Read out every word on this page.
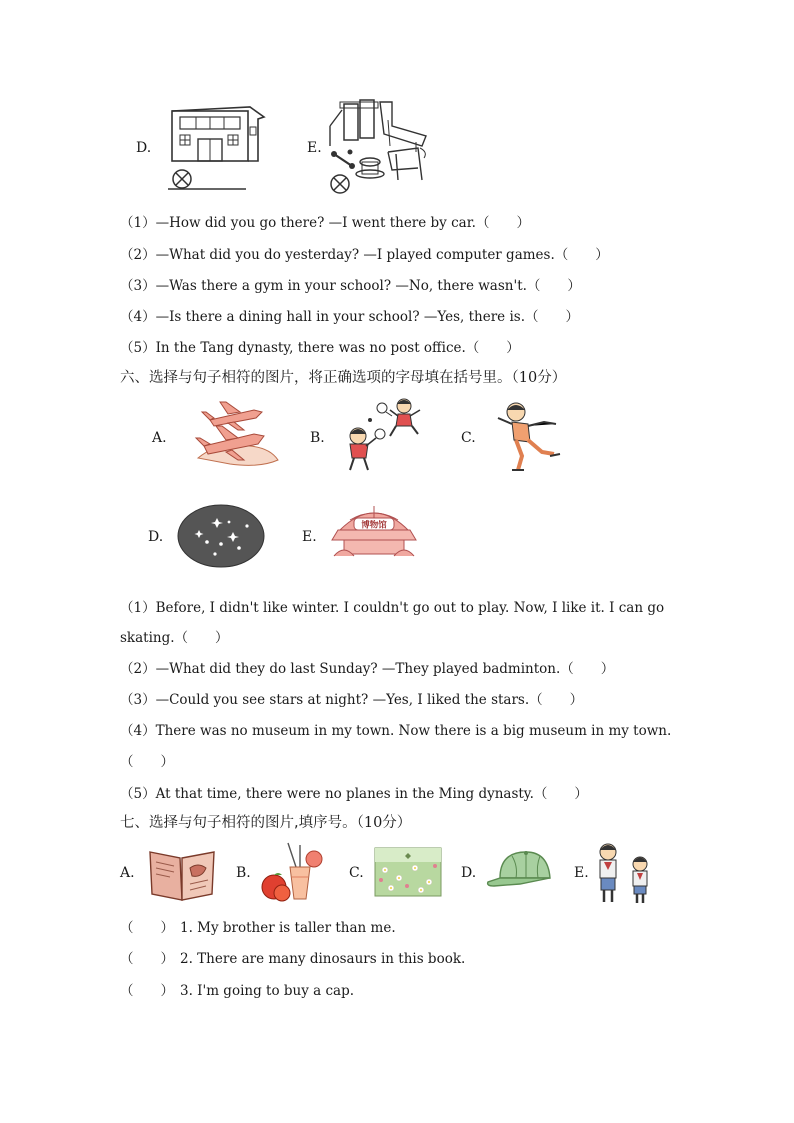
D.	E.
（1）—How did you go there? —I went there by car.（　　）
（2）—What did you do yesterday? —I played computer games.（　　）
（3）—Was there a gym in your school? —No, there wasn't.（　　）
（4）—Is there a dining hall in your school? —Yes, there is.（　　）
（5）In the Tang dynasty, there was no post office.（　　）
六、选择与句子相符的图片，将正确选项的字母填在括号里。（10分）
A.	B.	C.
D.	E.
博物馆
（1）Before, I didn't like winter. I couldn't go out to play. Now, I like it. I can go
skating.（　　）
（2）—What did they do last Sunday? —They played badminton.（　　）
（3）—Could you see stars at night? —Yes, I liked the stars.（　　）
（4）There was no museum in my town. Now there is a big museum in my town.
（　　）
（5）At that time, there were no planes in the Ming dynasty.（　　）
七、选择与句子相符的图片,填序号。（10分）
A.	B.	C.	D.	E.
（　　） 1. My brother is taller than me.
（　　） 2. There are many dinosaurs in this book.
（　　） 3. I'm going to buy a cap.
